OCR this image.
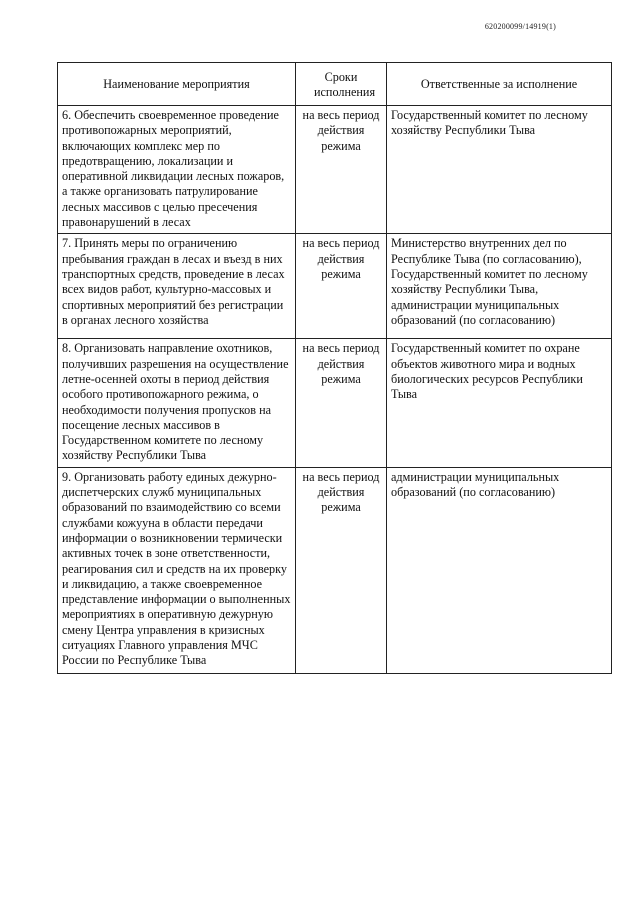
620200099/14919(1)
Наименование мероприятия	Сроки исполнения	Ответственные за исполнение
6. Обеспечить своевременное проведение противопожарных мероприятий, включающих комплекс мер по предотвращению, локализации и оперативной ликвидации лесных пожаров, а также организовать патрулирование лесных массивов с целью пресечения правонарушений в лесах	на весь период действия режима	Государственный комитет по лесному хозяйству Республики Тыва
7. Принять меры по ограничению пребывания граждан в лесах и въезд в них транспортных средств, проведение в лесах всех видов работ, культурно-массовых и спортивных мероприятий без регистрации в органах лесного хозяйства	на весь период действия режима	Министерство внутренних дел по Республике Тыва (по согласованию), Государственный комитет по лесному хозяйству Республики Тыва, администрации муниципальных образований (по согласованию)
8. Организовать направление охотников, получивших разрешения на осуществление летне-осенней охоты в период действия особого противопожарного режима, о необходимости получения пропусков на посещение лесных массивов в Государственном комитете по лесному хозяйству Республики Тыва	на весь период действия режима	Государственный комитет по охране объектов животного мира и водных биологических ресурсов Республики Тыва
9. Организовать работу единых дежурно-диспетчерских служб муниципальных образований по взаимодействию со всеми службами кожууна в области передачи информации о возникновении термически активных точек в зоне ответственности, реагирования сил и средств на их проверку и ликвидацию, а также своевременное представление информации о выполненных мероприятиях в оперативную дежурную смену Центра управления в кризисных ситуациях Главного управления МЧС России по Республике Тыва	на весь период действия режима	администрации муниципальных образований (по согласованию)
